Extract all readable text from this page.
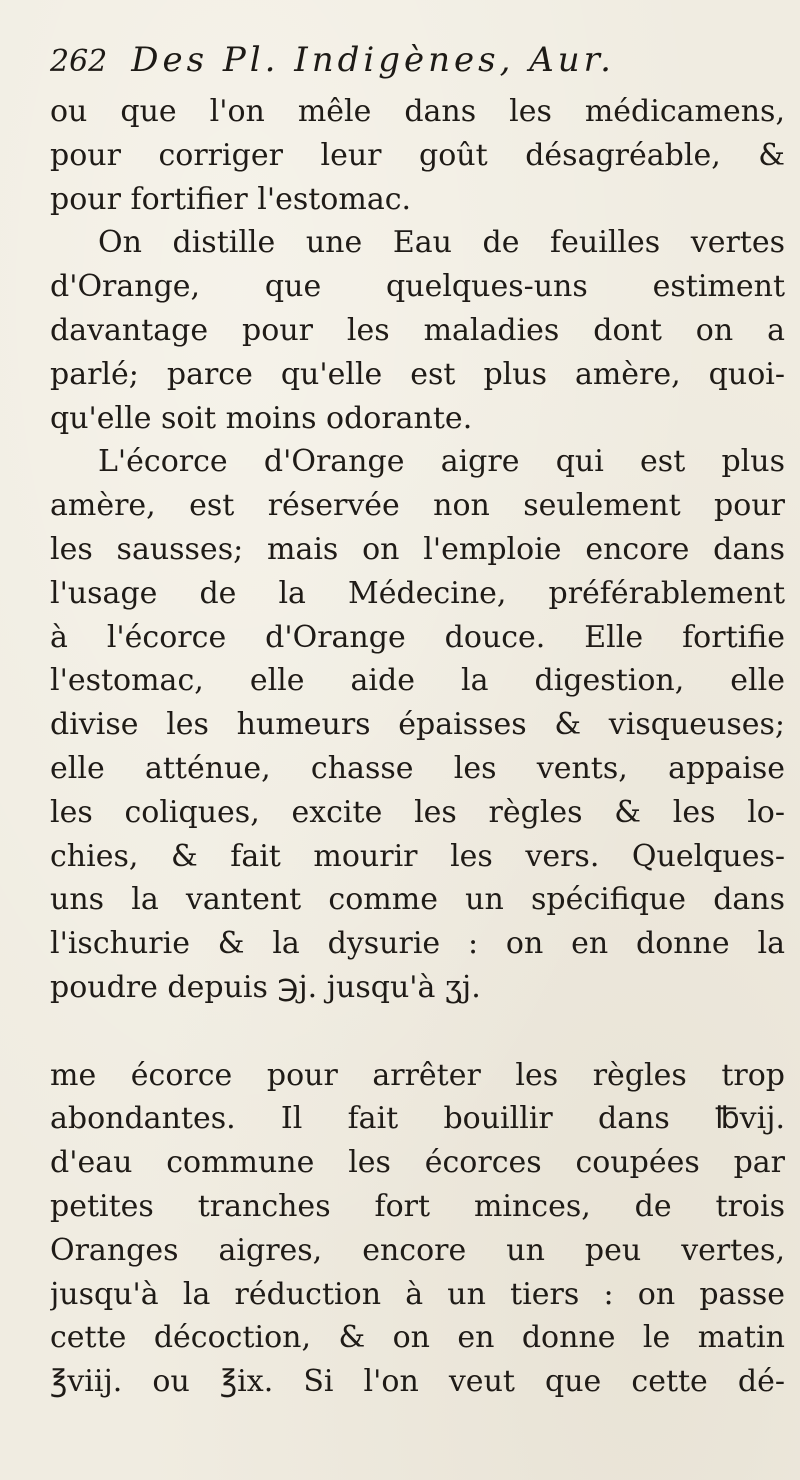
262 Des Pl. Indigènes, Aur.
ou que l'on mêle dans les médicamens,
pour corriger leur goût désagréable, &
pour fortifier l'estomac.
On distille une Eau de feuilles vertes
d'Orange, que quelques-uns estiment
davantage pour les maladies dont on a
parlé; parce qu'elle est plus amère, quoi-
qu'elle soit moins odorante.
L'écorce d'Orange aigre qui est plus
amère, est réservée non seulement pour
les sausses; mais on l'emploie encore dans
l'usage de la Médecine, préférablement
à l'écorce d'Orange douce. Elle fortifie
l'estomac, elle aide la digestion, elle
divise les humeurs épaisses & visqueuses;
elle atténue, chasse les vents, appaise
les coliques, excite les règles & les lo-
chies, & fait mourir les vers. Quelques-
uns la vantent comme un spécifique dans
l'ischurie & la dysurie : on en donne la
poudre depuis ℈j. jusqu'à ʒj.

me écorce pour arrêter les règles trop
abondantes. Il fait bouillir dans ℔vij.
d'eau commune les écorces coupées par
petites tranches fort minces, de trois
Oranges aigres, encore un peu vertes,
jusqu'à la réduction à un tiers : on passe
cette décoction, & on en donne le matin
℥viij. ou ℥ix. Si l'on veut que cette dé-
